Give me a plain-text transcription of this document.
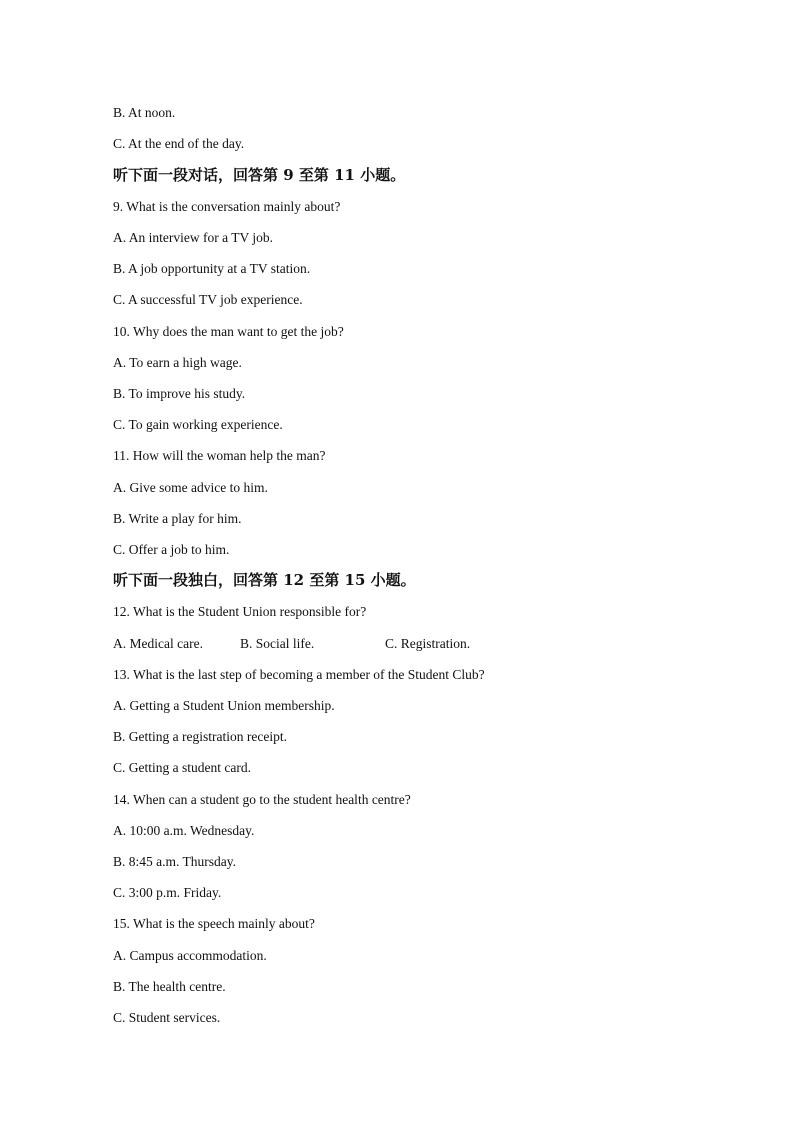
B. At noon.
C. At the end of the day.
听下面一段对话，回答第 9 至第 11 小题。
9. What is the conversation mainly about?
A. An interview for a TV job.
B. A job opportunity at a TV station.
C. A successful TV job experience.
10. Why does the man want to get the job?
A. To earn a high wage.
B. To improve his study.
C. To gain working experience.
11. How will the woman help the man?
A. Give some advice to him.
B. Write a play for him.
C. Offer a job to him.
听下面一段独白，回答第 12 至第 15 小题。
12. What is the Student Union responsible for?
A. Medical care.	B. Social life.	C. Registration.
13. What is the last step of becoming a member of the Student Club?
A. Getting a Student Union membership.
B. Getting a registration receipt.
C. Getting a student card.
14. When can a student go to the student health centre?
A. 10:00 a.m. Wednesday.
B. 8:45 a.m. Thursday.
C. 3:00 p.m. Friday.
15. What is the speech mainly about?
A. Campus accommodation.
B. The health centre.
C. Student services.
